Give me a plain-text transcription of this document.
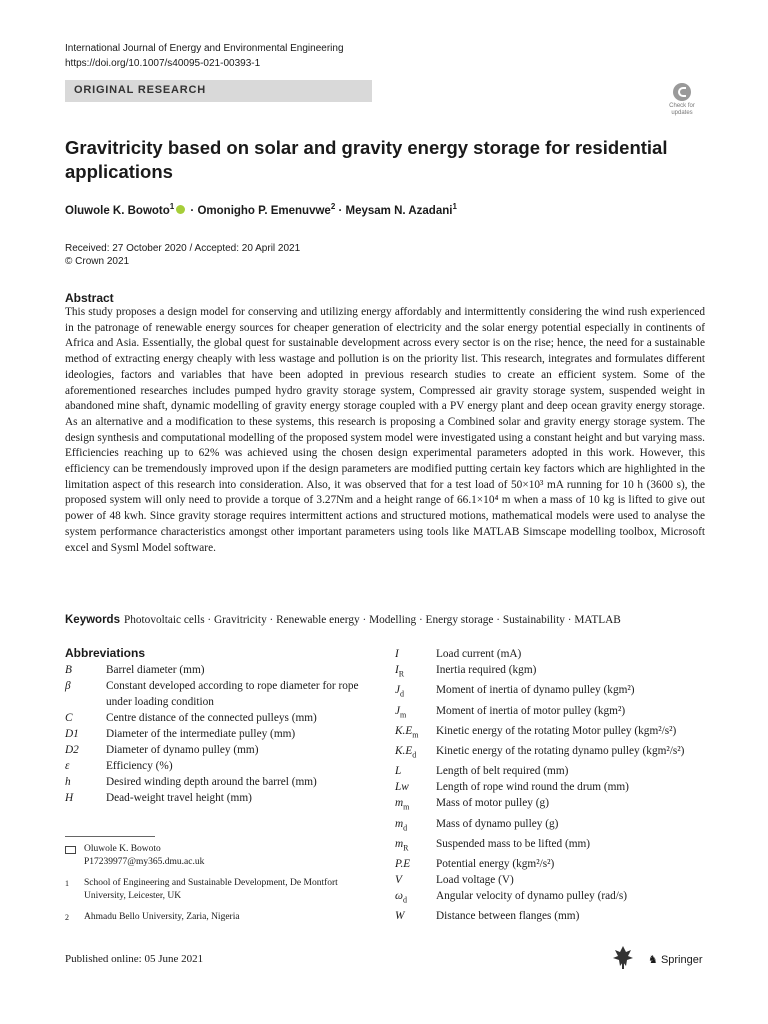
International Journal of Energy and Environmental Engineering
https://doi.org/10.1007/s40095-021-00393-1
ORIGINAL RESEARCH
Check for updates
Gravitricity based on solar and gravity energy storage for residential applications
Oluwole K. Bowoto$^1$ · Omonigho P. Emenuvwe$^2$ · Meysam N. Azadani$^1$
Received: 27 October 2020 / Accepted: 20 April 2021
© Crown 2021
Abstract
This study proposes a design model for conserving and utilizing energy affordably and intermittently considering the wind rush experienced in the patronage of renewable energy sources for cheaper generation of electricity and the solar energy potential especially in continents of Africa and Asia. Essentially, the global quest for sustainable development across every sector is on the rise; hence, the need for a sustainable method of extracting energy cheaply with less wastage and pollution is on the priority list. This research, integrates and formulates different ideologies, factors and variables that have been adopted in previous research studies to create an efficient system. Some of the aforementioned researches includes pumped hydro gravity storage system, Compressed air gravity storage system, suspended weight in abandoned mine shaft, dynamic modelling of gravity energy storage coupled with a PV energy plant and deep ocean gravity energy storage. As an alternative and a modification to these systems, this research is proposing a Combined solar and gravity energy storage system. The design synthesis and computational modelling of the proposed system model were investigated using a constant height and but varying mass. Efficiencies reaching up to 62% was achieved using the chosen design experimental parameters adopted in this work. However, this efficiency can be tremendously improved upon if the design parameters are modified putting certain key factors which are highlighted in the limitation aspect of this research into consideration. Also, it was observed that for a test load of 50×10³ mA running for 10 h (3600 s), the proposed system will only need to provide a torque of 3.27Nm and a height range of 66.1×10⁴ m when a mass of 10 kg is lifted to give out power of 48 kwh. Since gravity storage requires intermittent actions and structured motions, mathematical models were used to analyse the system performance characteristics amongst other important parameters using tools like MATLAB Simscape modelling toolbox, Microsoft excel and Sysml Model software.
Keywords Photovoltaic cells · Gravitricity · Renewable energy · Modelling · Energy storage · Sustainability · MATLAB
Abbreviations
B	Barrel diameter (mm)
β	Constant developed according to rope diameter for rope under loading condition
C	Centre distance of the connected pulleys (mm)
D1	Diameter of the intermediate pulley (mm)
D2	Diameter of dynamo pulley (mm)
ε	Efficiency (%)
h	Desired winding depth around the barrel (mm)
H	Dead-weight travel height (mm)
I	Load current (mA)
$I_R$	Inertia required (kgm)
$J_d$	Moment of inertia of dynamo pulley (kgm²)
$J_m$	Moment of inertia of motor pulley (kgm²)
$K.E_m$	Kinetic energy of the rotating Motor pulley (kgm²/s²)
$K.E_d$	Kinetic energy of the rotating dynamo pulley (kgm²/s²)
L	Length of belt required (mm)
Lw	Length of rope wind round the drum (mm)
$m_m$	Mass of motor pulley (g)
$m_d$	Mass of dynamo pulley (g)
$m_R$	Suspended mass to be lifted (mm)
P.E	Potential energy (kgm²/s²)
V	Load voltage (V)
$\omega_d$	Angular velocity of dynamo pulley (rad/s)
W	Distance between flanges (mm)
Oluwole K. Bowoto
P17239977@my365.dmu.ac.uk
1 School of Engineering and Sustainable Development, De Montfort University, Leicester, UK
2 Ahmadu Bello University, Zaria, Nigeria
Published online: 05 June 2021	♞ Springer
